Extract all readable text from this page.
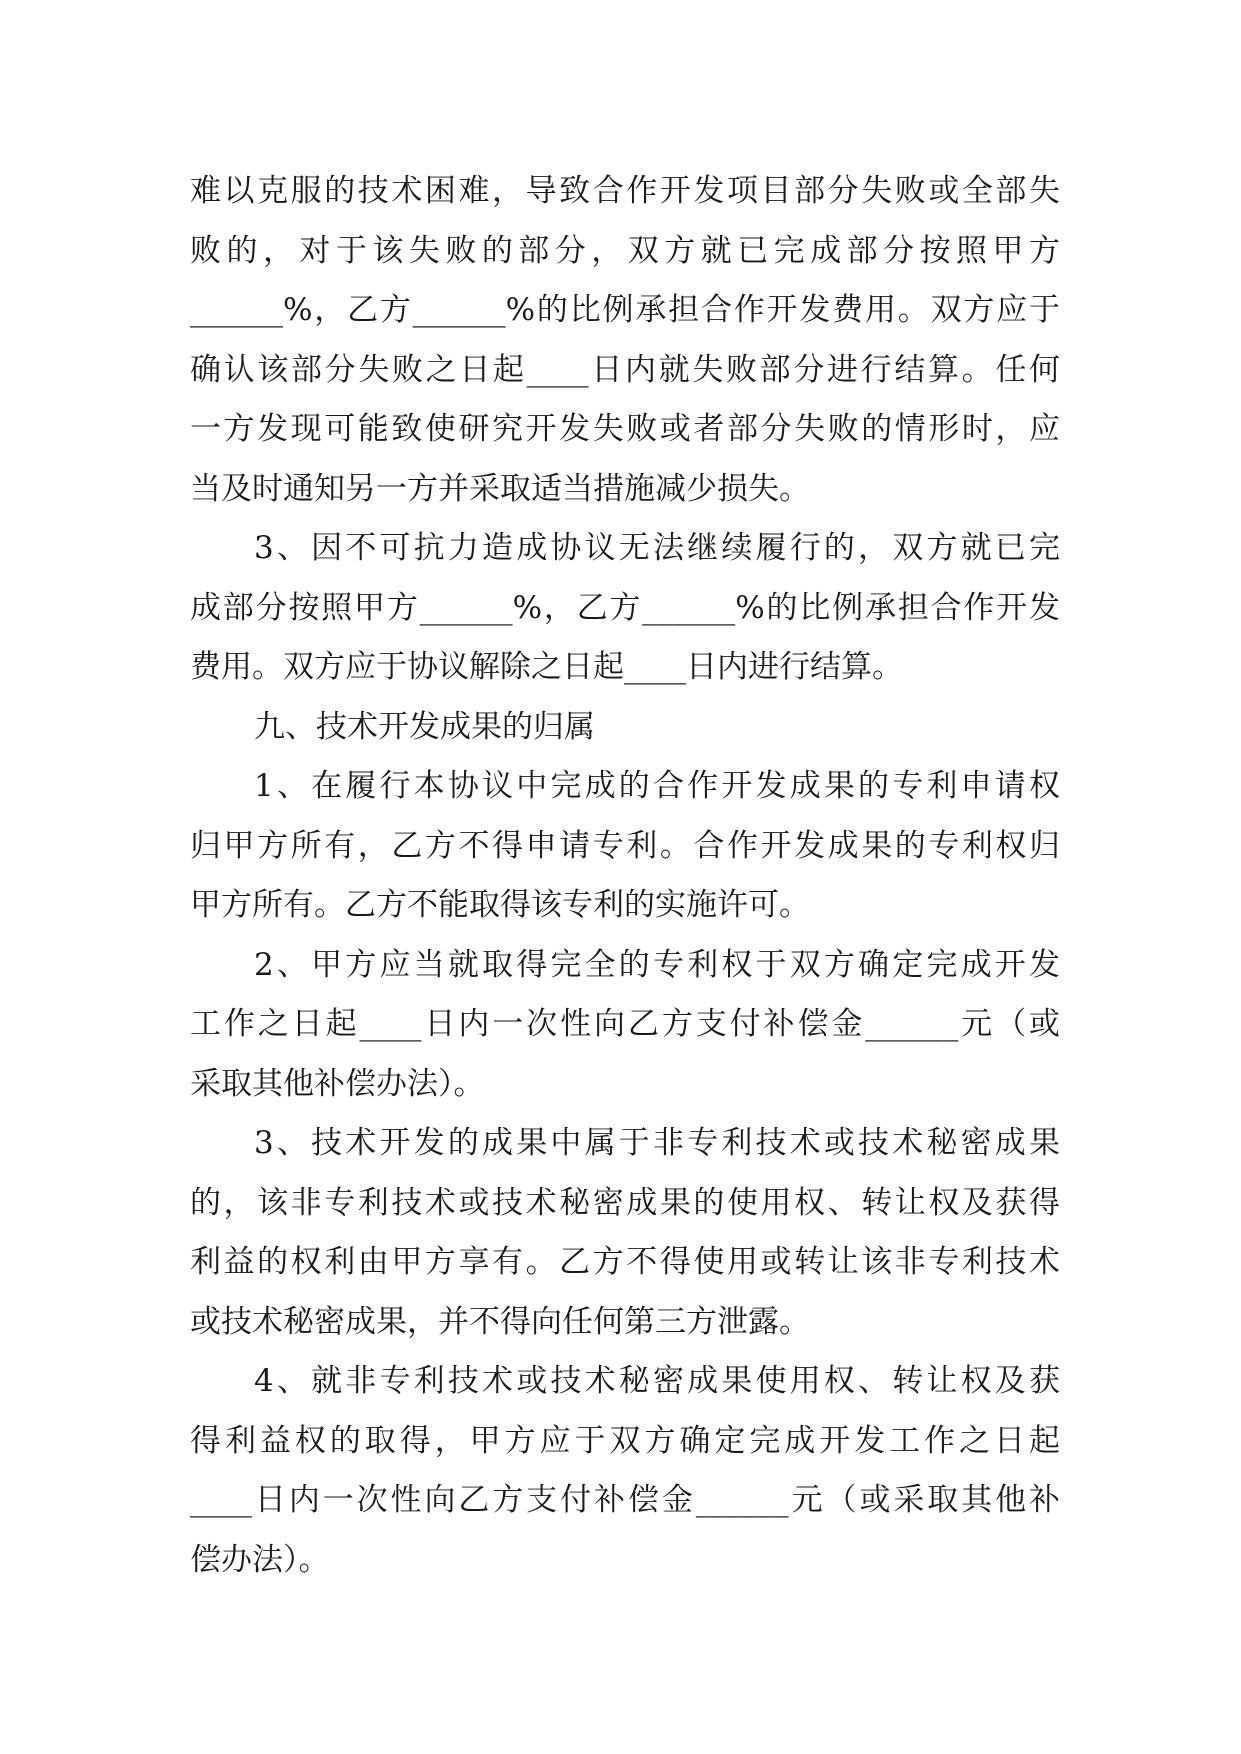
难以克服的技术困难，导致合作开发项目部分失败或全部失
败的，对于该失败的部分，双方就已完成部分按照甲方
______%，乙方______%的比例承担合作开发费用。双方应于
确认该部分失败之日起____日内就失败部分进行结算。任何
一方发现可能致使研究开发失败或者部分失败的情形时，应
当及时通知另一方并采取适当措施减少损失。
3、因不可抗力造成协议无法继续履行的，双方就已完
成部分按照甲方______%，乙方______%的比例承担合作开发
费用。双方应于协议解除之日起____日内进行结算。
九、技术开发成果的归属
1、在履行本协议中完成的合作开发成果的专利申请权
归甲方所有，乙方不得申请专利。合作开发成果的专利权归
甲方所有。乙方不能取得该专利的实施许可。
2、甲方应当就取得完全的专利权于双方确定完成开发
工作之日起____日内一次性向乙方支付补偿金______元（或
采取其他补偿办法）。
3、技术开发的成果中属于非专利技术或技术秘密成果
的，该非专利技术或技术秘密成果的使用权、转让权及获得
利益的权利由甲方享有。乙方不得使用或转让该非专利技术
或技术秘密成果，并不得向任何第三方泄露。
4、就非专利技术或技术秘密成果使用权、转让权及获
得利益权的取得，甲方应于双方确定完成开发工作之日起
____日内一次性向乙方支付补偿金______元（或采取其他补
偿办法）。
